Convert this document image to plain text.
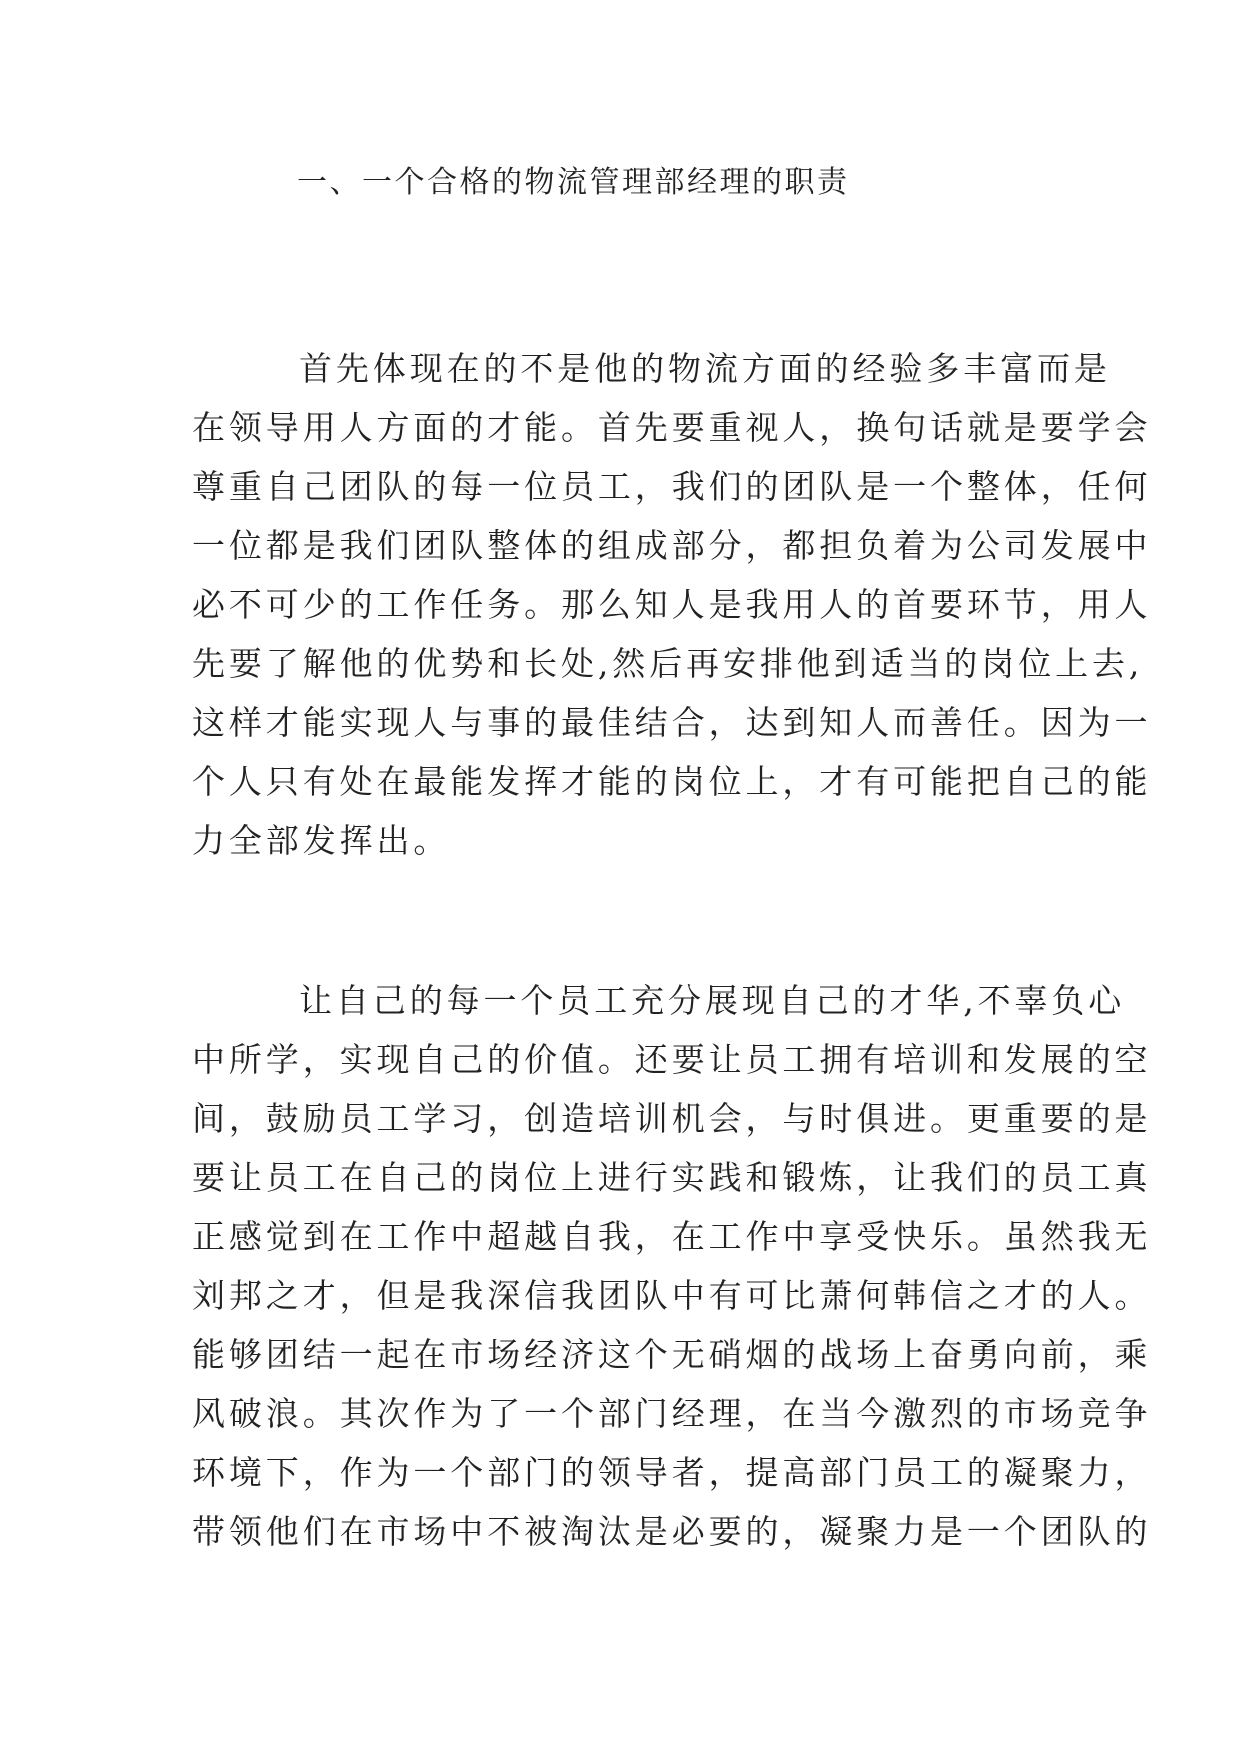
一、一个合格的物流管理部经理的职责
首先体现在的不是他的物流方面的经验多丰富而是
在领导用人方面的才能。首先要重视人，换句话就是要学会
尊重自己团队的每一位员工，我们的团队是一个整体，任何
一位都是我们团队整体的组成部分，都担负着为公司发展中
必不可少的工作任务。那么知人是我用人的首要环节，用人
先要了解他的优势和长处,然后再安排他到适当的岗位上去,
这样才能实现人与事的最佳结合，达到知人而善任。因为一
个人只有处在最能发挥才能的岗位上，才有可能把自己的能
力全部发挥出。
让自己的每一个员工充分展现自己的才华,不辜负心
中所学，实现自己的价值。还要让员工拥有培训和发展的空
间，鼓励员工学习，创造培训机会，与时俱进。更重要的是
要让员工在自己的岗位上进行实践和锻炼，让我们的员工真
正感觉到在工作中超越自我，在工作中享受快乐。虽然我无
刘邦之才，但是我深信我团队中有可比萧何韩信之才的人。
能够团结一起在市场经济这个无硝烟的战场上奋勇向前，乘
风破浪。其次作为了一个部门经理，在当今激烈的市场竞争
环境下，作为一个部门的领导者，提高部门员工的凝聚力，
带领他们在市场中不被淘汰是必要的，凝聚力是一个团队的
